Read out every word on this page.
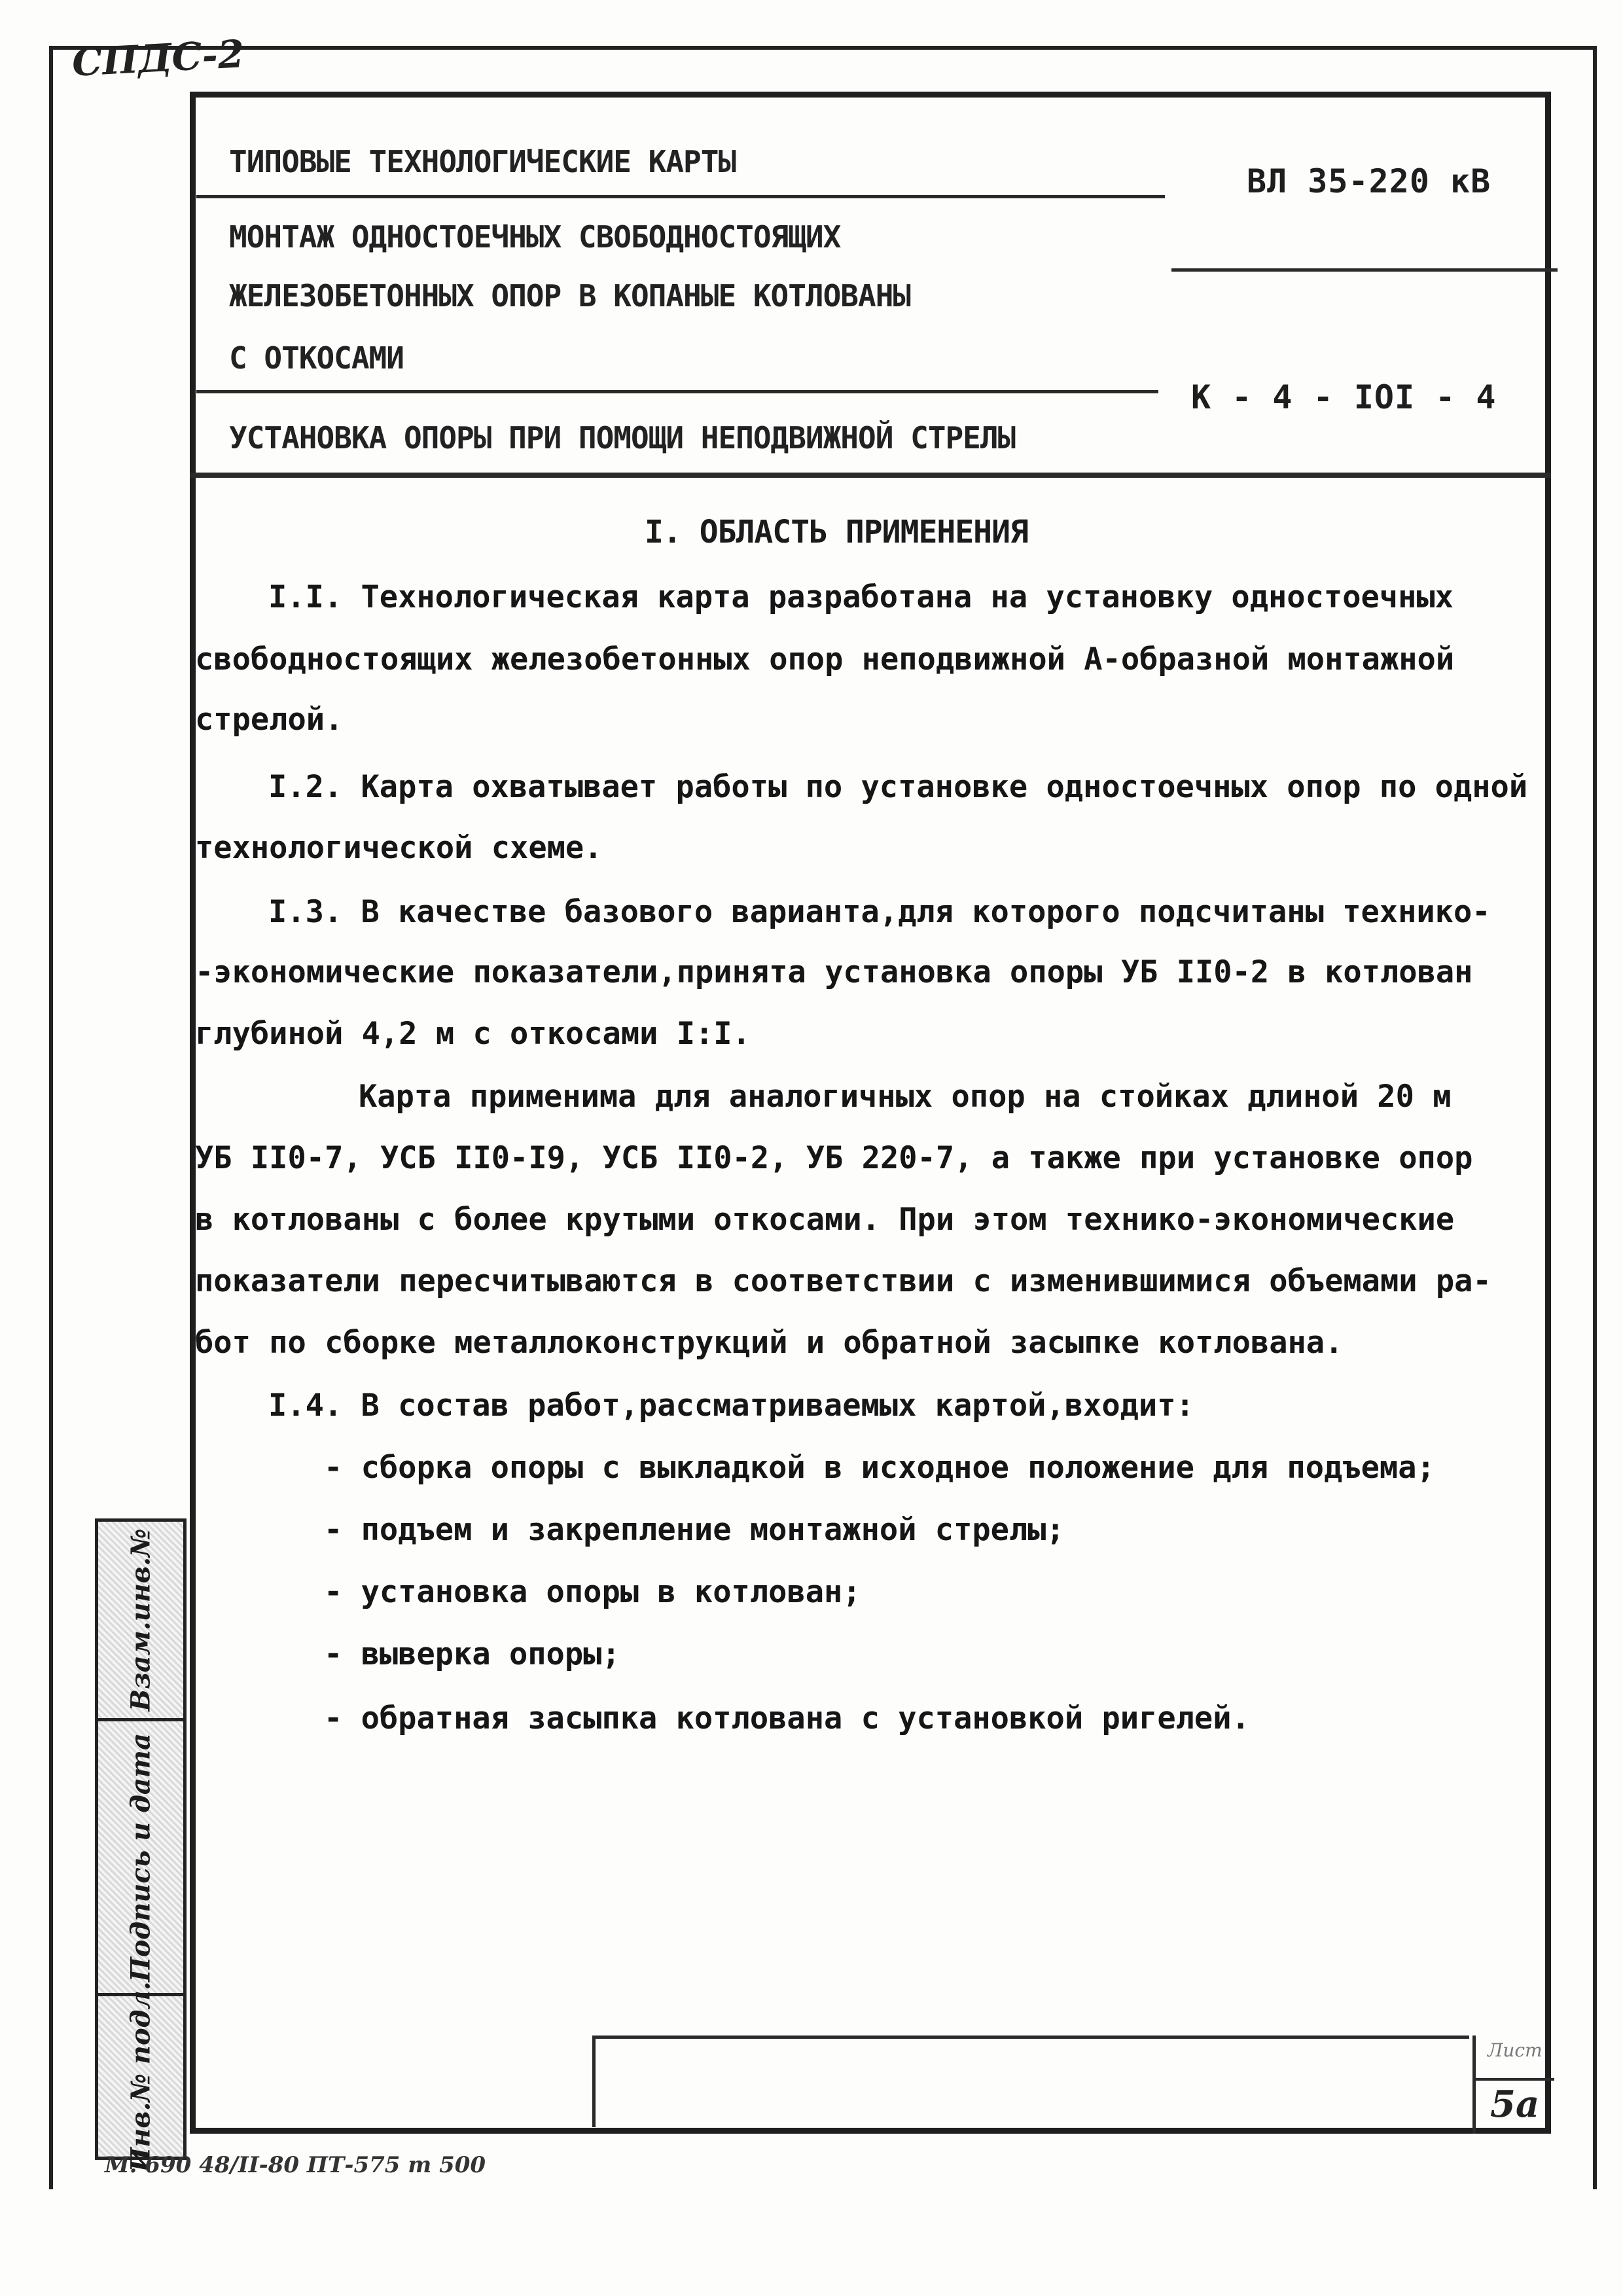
СПДС-2
ТИПОВЫЕ ТЕХНОЛОГИЧЕСКИЕ КАРТЫ
ВЛ 35-220 кВ
МОНТАЖ ОДНОСТОЕЧНЫХ СВОБОДНОСТОЯЩИХ
ЖЕЛЕЗОБЕТОННЫХ ОПОР В КОПАНЫЕ КОТЛОВАНЫ
С ОТКОСАМИ
К - 4 - IOI - 4
УСТАНОВКА ОПОРЫ ПРИ ПОМОЩИ НЕПОДВИЖНОЙ СТРЕЛЫ
I. ОБЛАСТЬ ПРИМЕНЕНИЯ
I.I. Технологическая карта разработана на установку одностоечных
свободностоящих железобетонных опор неподвижной А-образной монтажной
стрелой.
I.2. Карта охватывает работы по установке одностоечных опор по одной
технологической схеме.
I.3. В качестве базового варианта,для которого подсчитаны технико-
-экономические показатели,принята установка опоры УБ II0-2 в котлован
глубиной 4,2 м с откосами I:I.
Карта применима для аналогичных опор на стойках длиной 20 м
УБ II0-7, УСБ II0-I9, УСБ II0-2, УБ 220-7, а также при установке опор
в котлованы с более крутыми откосами. При этом технико-экономические
показатели пересчитываются в соответствии с изменившимися объемами ра-
бот по сборке металлоконструкций и обратной засыпке котлована.
I.4. В состав работ,рассматриваемых картой,входит:
- сборка опоры с выкладкой в исходное положение для подъема;
- подъем и закрепление монтажной стрелы;
- установка опоры в котлован;
- выверка опоры;
- обратная засыпка котлована с установкой ригелей.
Взам.инв.№
Подпись и дата
Инв.№ подл.	Лист
5а
М. 690 48/II-80 ПТ-575 т 500
